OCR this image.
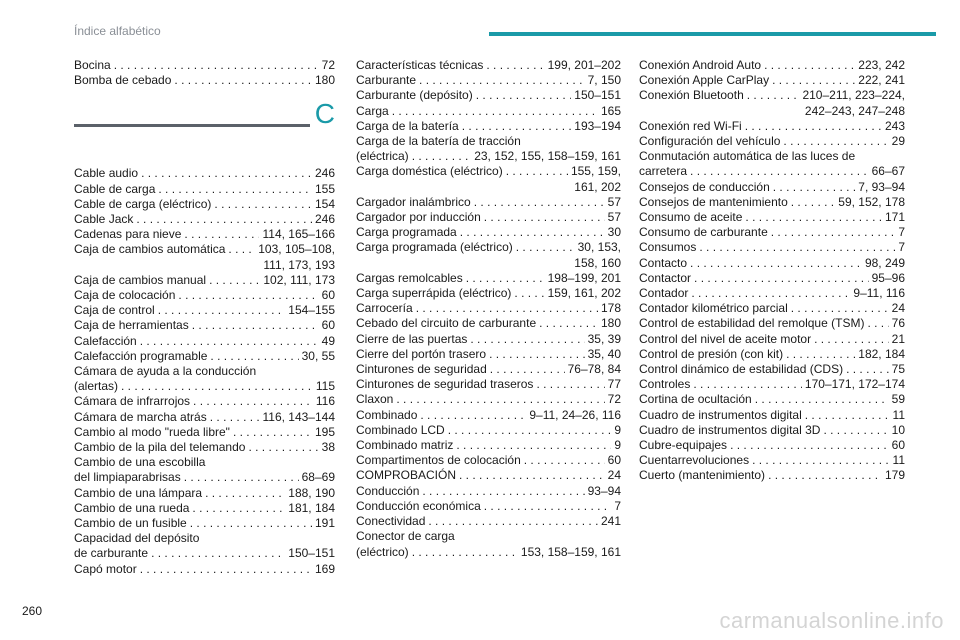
Índice alfabético
Bocina . . .	72
Bomba de cebado . . .	180
C
Cable audio . . .	246
Cable de carga . . .	155
Cable de carga (eléctrico) . . .	154
Cable Jack . . .	246
Cadenas para nieve . . .	114, 165–166
Caja de cambios automática . . .	103, 105–108,
111, 173, 193
Caja de cambios manual . . .	102, 111, 173
Caja de colocación . . .	60
Caja de control . . .	154–155
Caja de herramientas . . .	60
Calefacción . . .	49
Calefacción programable . . .	30, 55
Cámara de ayuda a la conducción
(alertas) . . .	115
Cámara de infrarrojos . . .	116
Cámara de marcha atrás . . .	116, 143–144
Cambio al modo "rueda libre" . . .	195
Cambio de la pila del telemando . . .	38
Cambio de una escobilla
del limpiaparabrisas . . .	68–69
Cambio de una lámpara . . .	188, 190
Cambio de una rueda . . .	181, 184
Cambio de un fusible . . .	191
Capacidad del depósito
de carburante . . .	150–151
Capó motor . . .	169
Características técnicas . . .	199, 201–202
Carburante . . .	7, 150
Carburante (depósito) . . .	150–151
Carga . . .	165
Carga de la batería . . .	193–194
Carga de la batería de tracción
(eléctrica) . . .	23, 152, 155, 158–159, 161
Carga doméstica (eléctrico) . . .	155, 159,
161, 202
Cargador inalámbrico . . .	57
Cargador por inducción . . .	57
Carga programada . . .	30
Carga programada (eléctrico) . . .	30, 153,
158, 160
Cargas remolcables . . .	198–199, 201
Carga superrápida (eléctrico) . . .	159, 161, 202
Carrocería . . .	178
Cebado del circuito de carburante . . .	180
Cierre de las puertas . . .	35, 39
Cierre del portón trasero . . .	35, 40
Cinturones de seguridad . . .	76–78, 84
Cinturones de seguridad traseros . . .	77
Claxon . . .	72
Combinado . . .	9–11, 24–26, 116
Combinado LCD . . .	9
Combinado matriz . . .	9
Compartimentos de colocación . . .	60
COMPROBACIÓN . . .	24
Conducción . . .	93–94
Conducción económica . . .	7
Conectividad . . .	241
Conector de carga
(eléctrico) . . .	153, 158–159, 161
Conexión Android Auto . . .	223, 242
Conexión Apple CarPlay . . .	222, 241
Conexión Bluetooth . . .	210–211, 223–224,
242–243, 247–248
Conexión red Wi-Fi . . .	243
Configuración del vehículo . . .	29
Conmutación automática de las luces de
carretera . . .	66–67
Consejos de conducción . . .	7, 93–94
Consejos de mantenimiento . . .	59, 152, 178
Consumo de aceite . . .	171
Consumo de carburante . . .	7
Consumos . . .	7
Contacto . . .	98, 249
Contactor . . .	95–96
Contador . . .	9–11, 116
Contador kilométrico parcial . . .	24
Control de estabilidad del remolque (TSM) . . . 76
Control del nivel de aceite motor . . .	21
Control de presión (con kit) . . .	182, 184
Control dinámico de estabilidad (CDS) . . .	75
Controles . . .	170–171, 172–174
Cortina de ocultación . . .	59
Cuadro de instrumentos digital . . .	11
Cuadro de instrumentos digital 3D . . .	10
Cubre-equipajes . . .	60
Cuentarrevoluciones . . .	11
Cuerto (mantenimiento) . . .	179
260	carmanualsonline.info
